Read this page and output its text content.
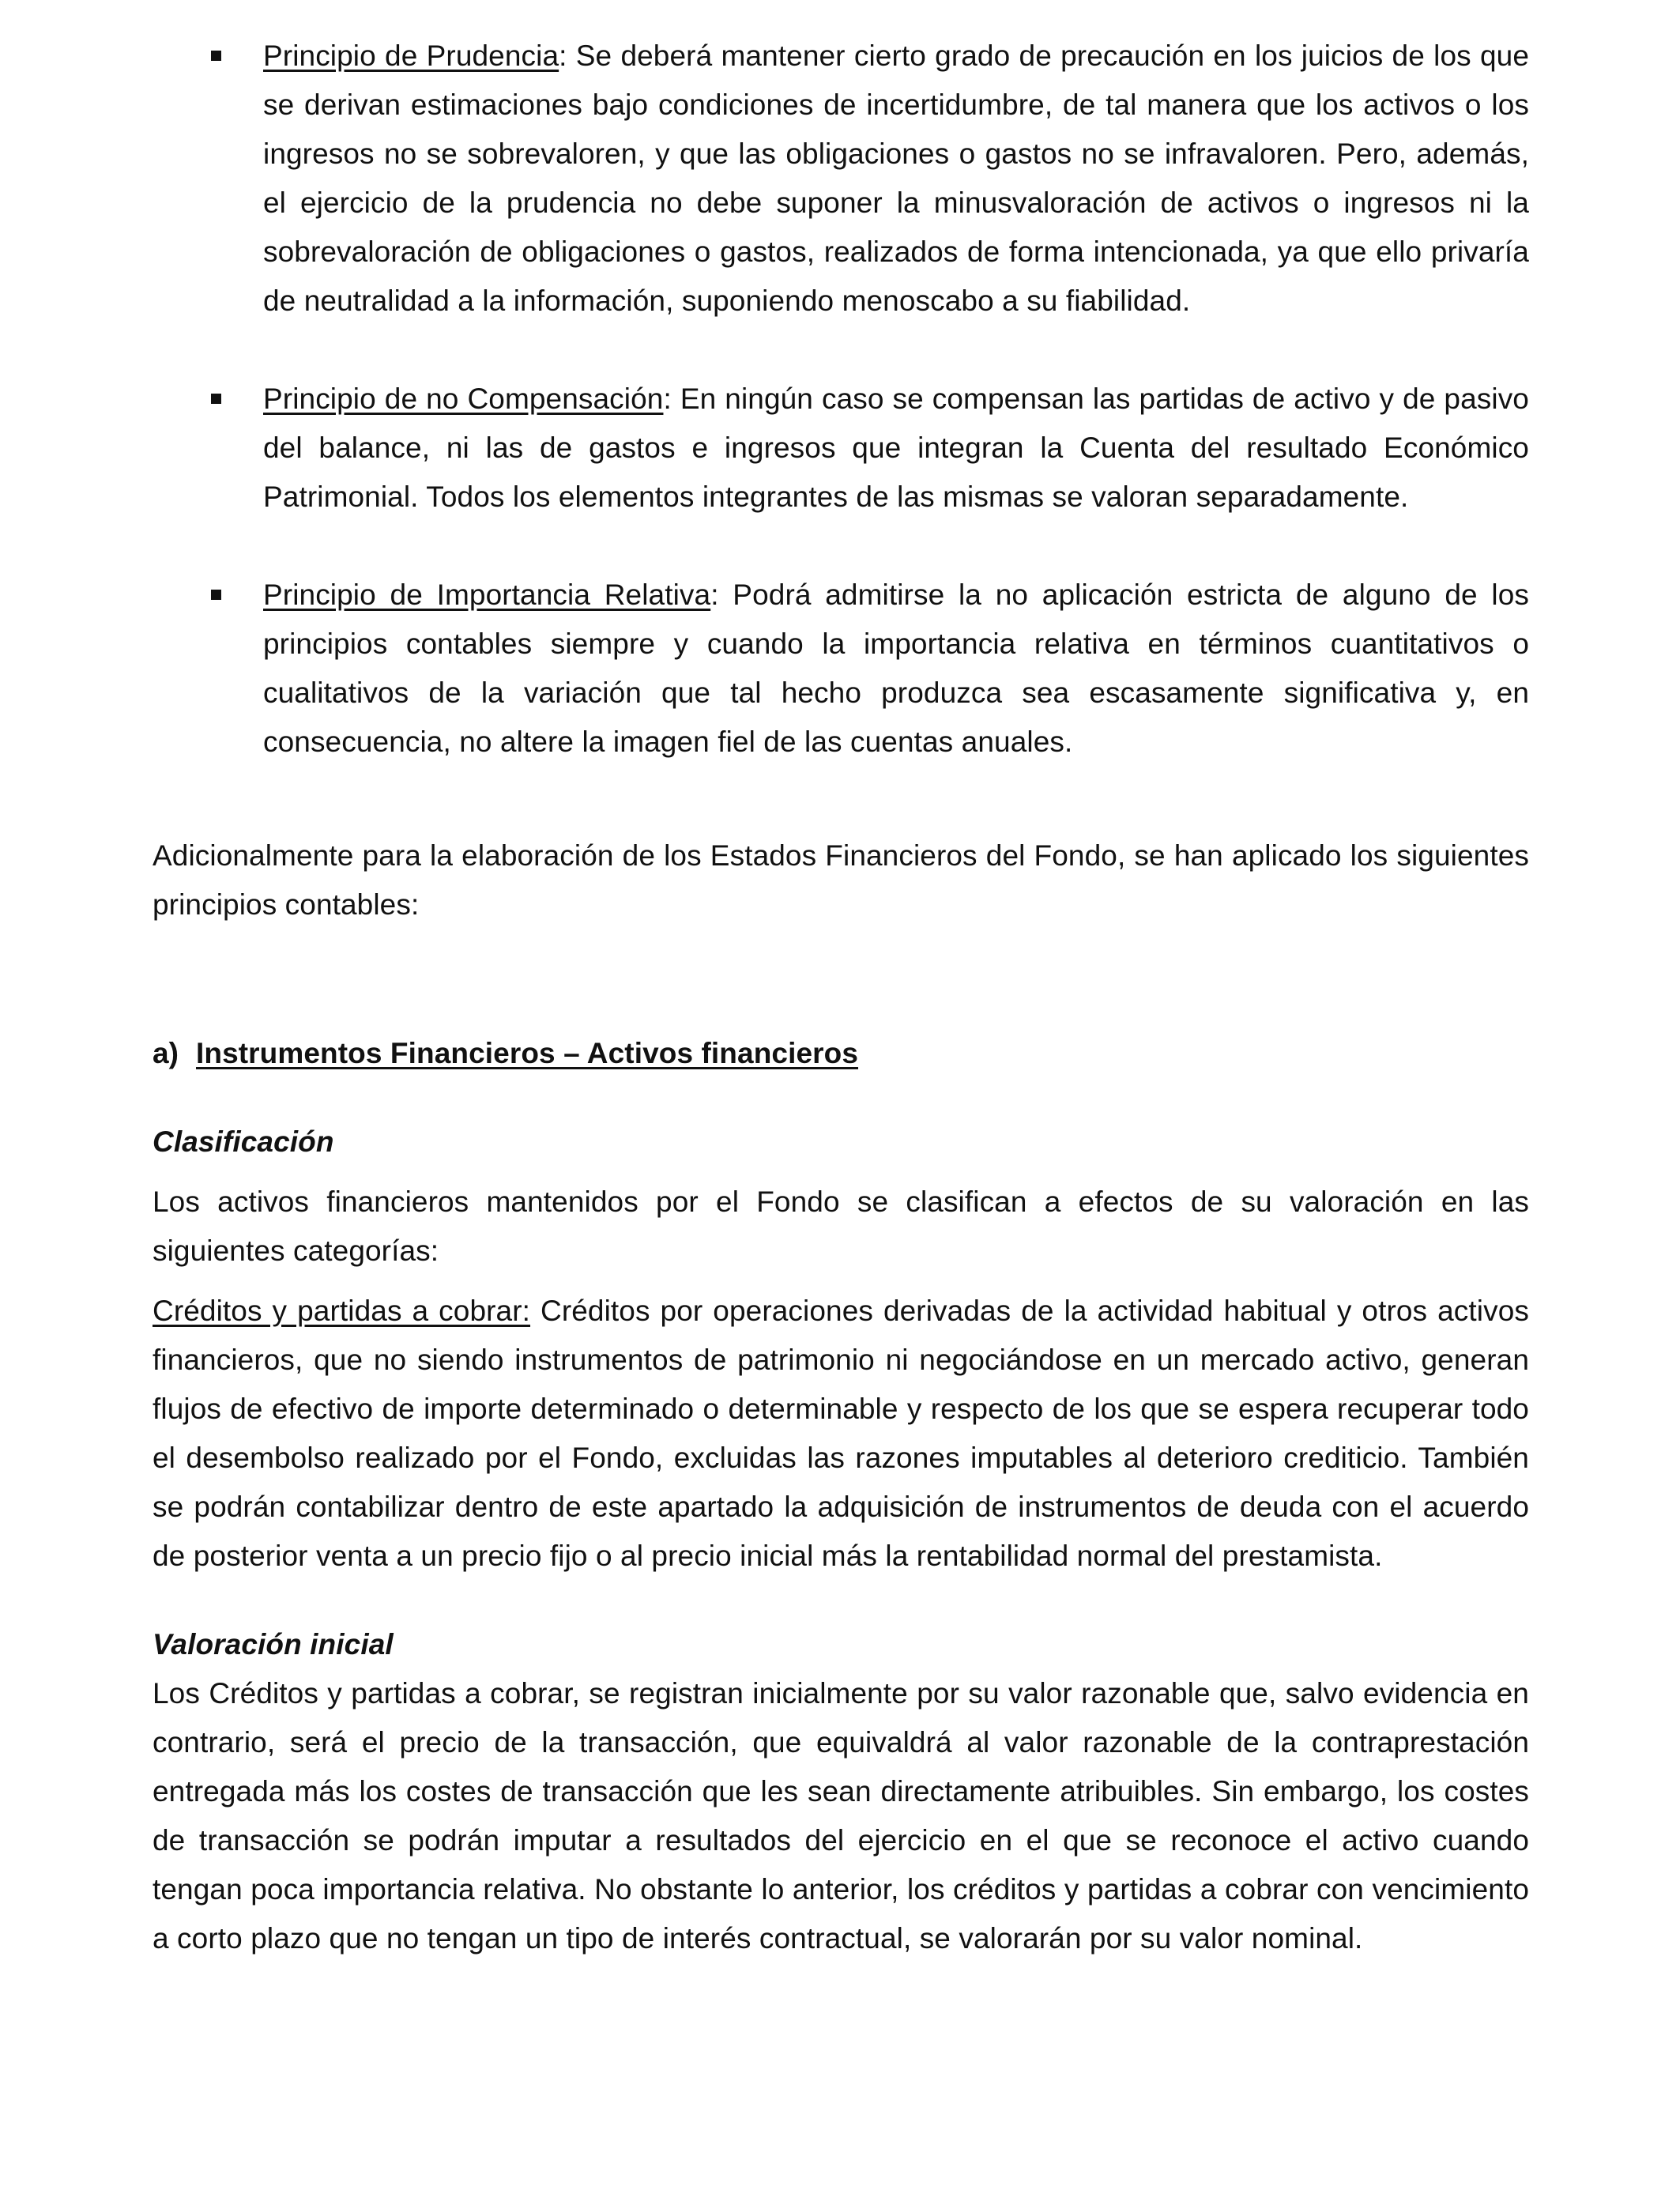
Principio de Prudencia: Se deberá mantener cierto grado de precaución en los juicios de los que se derivan estimaciones bajo condiciones de incertidumbre, de tal manera que los activos o los ingresos no se sobrevaloren, y que las obligaciones o gastos no se infravaloren. Pero, además, el ejercicio de la prudencia no debe suponer la minusvaloración de activos o ingresos ni la sobrevaloración de obligaciones o gastos, realizados de forma intencionada, ya que ello privaría de neutralidad a la información, suponiendo menoscabo a su fiabilidad.
Principio de no Compensación: En ningún caso se compensan las partidas de activo y de pasivo del balance, ni las de gastos e ingresos que integran la Cuenta del resultado Económico Patrimonial. Todos los elementos integrantes de las mismas se valoran separadamente.
Principio de Importancia Relativa: Podrá admitirse la no aplicación estricta de alguno de los principios contables siempre y cuando la importancia relativa en términos cuantitativos o cualitativos de la variación que tal hecho produzca sea escasamente significativa y, en consecuencia, no altere la imagen fiel de las cuentas anuales.

Adicionalmente para la elaboración de los Estados Financieros del Fondo, se han aplicado los siguientes principios contables:

a) Instrumentos Financieros – Activos financieros

Clasificación

Los activos financieros mantenidos por el Fondo se clasifican a efectos de su valoración en las siguientes categorías:

Créditos y partidas a cobrar: Créditos por operaciones derivadas de la actividad habitual y otros activos financieros, que no siendo instrumentos de patrimonio ni negociándose en un mercado activo, generan flujos de efectivo de importe determinado o determinable y respecto de los que se espera recuperar todo el desembolso realizado por el Fondo, excluidas las razones imputables al deterioro crediticio. También se podrán contabilizar dentro de este apartado la adquisición de instrumentos de deuda con el acuerdo de posterior venta a un precio fijo o al precio inicial más la rentabilidad normal del prestamista.

Valoración inicial

Los Créditos y partidas a cobrar, se registran inicialmente por su valor razonable que, salvo evidencia en contrario, será el precio de la transacción, que equivaldrá al valor razonable de la contraprestación entregada más los costes de transacción que les sean directamente atribuibles. Sin embargo, los costes de transacción se podrán imputar a resultados del ejercicio en el que se reconoce el activo cuando tengan poca importancia relativa. No obstante lo anterior, los créditos y partidas a cobrar con vencimiento a corto plazo que no tengan un tipo de interés contractual, se valorarán por su valor nominal.
